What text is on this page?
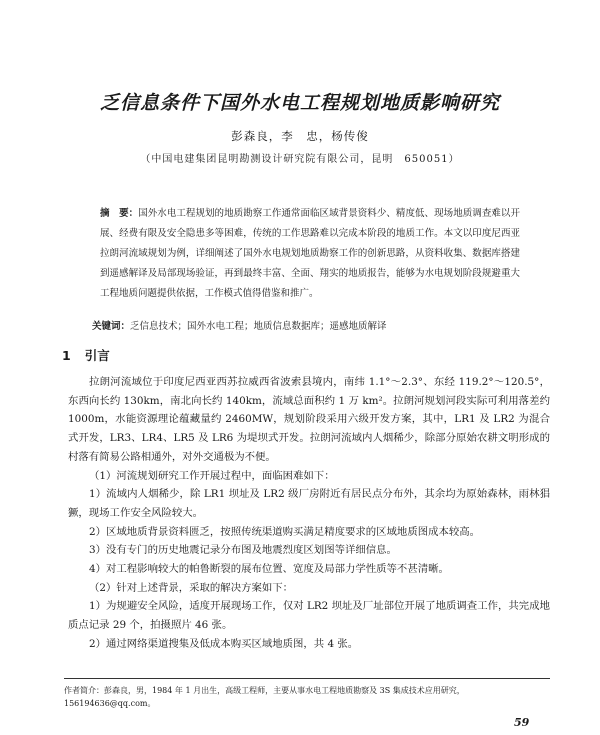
乏信息条件下国外水电工程规划地质影响研究
彭森良，李　忠，杨传俊
（中国电建集团昆明勘测设计研究院有限公司，昆明　650051）
摘　要：国外水电工程规划的地质勘察工作通常面临区域背景资料少、精度低、现场地质调查难以开展、经费有限及安全隐患多等困难，传统的工作思路难以完成本阶段的地质工作。本文以印度尼西亚拉朗河流域规划为例，详细阐述了国外水电规划地质勘察工作的创新思路，从资料收集、数据库搭建到遥感解译及局部现场验证，再到最终丰富、全面、翔实的地质报告，能够为水电规划阶段规避重大工程地质问题提供依据，工作模式值得借鉴和推广。
关键词：乏信息技术；国外水电工程；地质信息数据库；遥感地质解译
1 引言

拉朗河流域位于印度尼西亚西苏拉威西省波索县境内，南纬 1.1°～2.3°、东经 119.2°～120.5°，东西向长约 130km，南北向长约 140km，流域总面积约 1 万 km²。拉朗河规划河段实际可利用落差约 1000m，水能资源理论蕴藏量约 2460MW，规划阶段采用六级开发方案，其中，LR1 及 LR2 为混合式开发，LR3、LR4、LR5 及 LR6 为堤坝式开发。拉朗河流域内人烟稀少，除部分原始农耕文明形成的村落有简易公路相通外，对外交通极为不便。

（1）河流规划研究工作开展过程中，面临困难如下：

1）流域内人烟稀少，除 LR1 坝址及 LR2 级厂房附近有居民点分布外，其余均为原始森林，雨林猖獗，现场工作安全风险较大。

2）区域地质背景资料匮乏，按照传统渠道购买满足精度要求的区域地质图成本较高。

3）没有专门的历史地震记录分布图及地震烈度区划图等详细信息。

4）对工程影响较大的帕鲁断裂的展布位置、宽度及局部力学性质等不甚清晰。

（2）针对上述背景，采取的解决方案如下：

1）为规避安全风险，适度开展现场工作，仅对 LR2 坝址及厂址部位开展了地质调查工作，共完成地质点记录 29 个，拍摄照片 46 张。

2）通过网络渠道搜集及低成本购买区域地质图，共 4 张。

作者简介：彭森良，男，1984 年 1 月出生，高级工程师，主要从事水电工程地质勘察及 3S 集成技术应用研究，
156194636@qq.com。
59
